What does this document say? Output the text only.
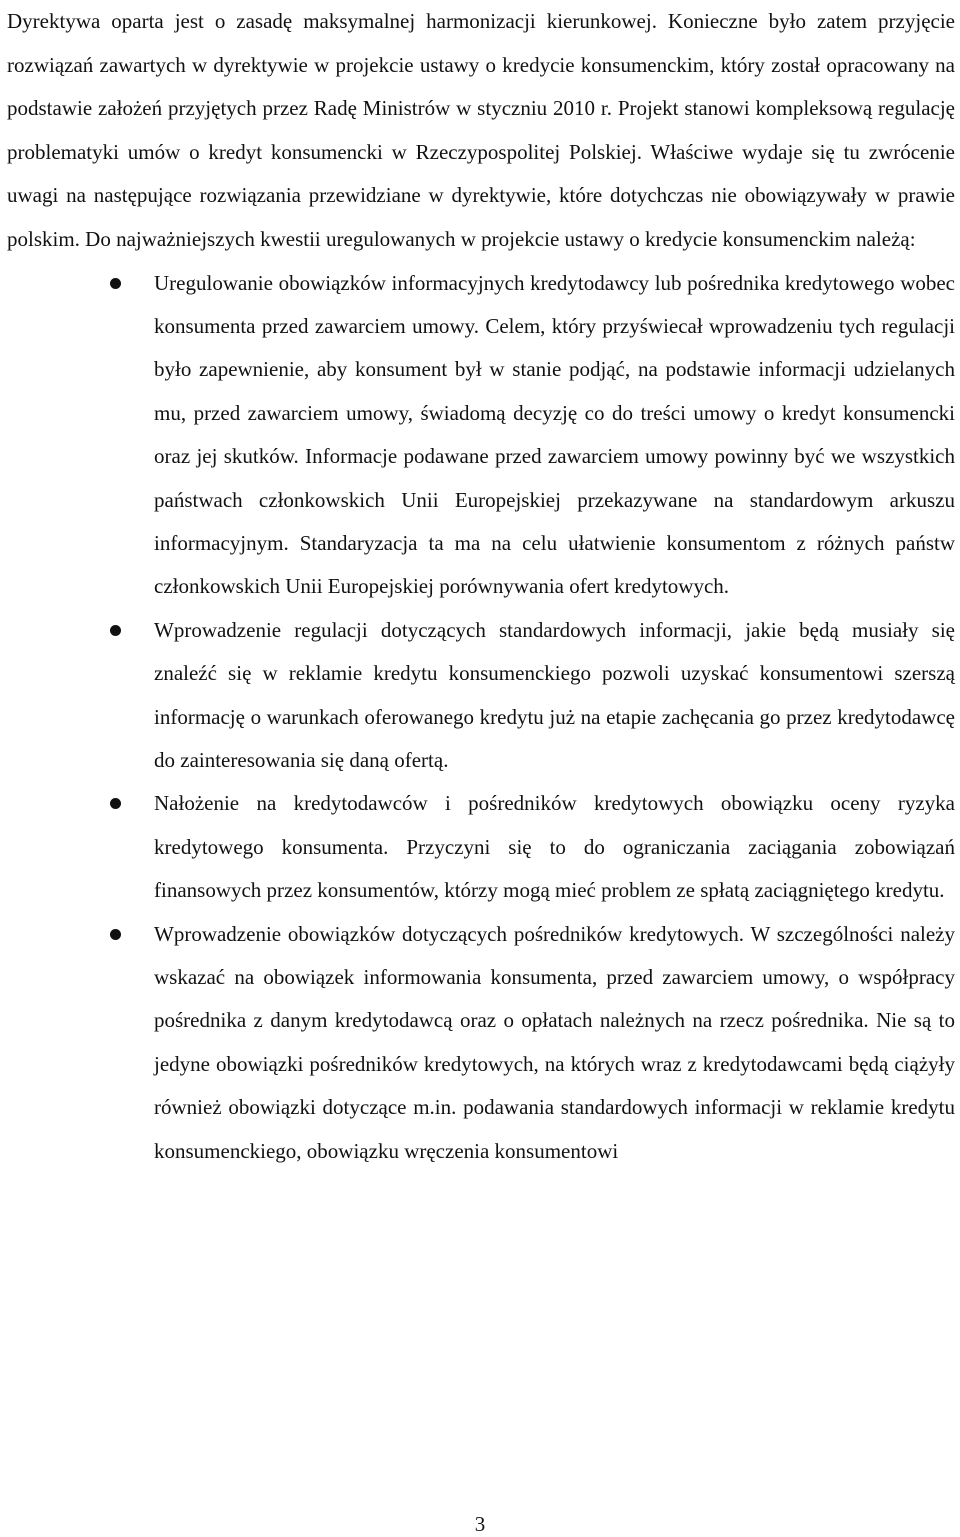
Dyrektywa oparta jest o zasadę maksymalnej harmonizacji kierunkowej. Konieczne było zatem przyjęcie rozwiązań zawartych w dyrektywie w projekcie ustawy o kredycie konsumenckim, który został opracowany na podstawie założeń przyjętych przez Radę Ministrów w styczniu 2010 r. Projekt stanowi kompleksową regulację problematyki umów o kredyt konsumencki w Rzeczypospolitej Polskiej. Właściwe wydaje się tu zwrócenie uwagi na następujące rozwiązania przewidziane w dyrektywie, które dotychczas nie obowiązywały w prawie polskim. Do najważniejszych kwestii uregulowanych w projekcie ustawy o kredycie konsumenckim należą:

Uregulowanie obowiązków informacyjnych kredytodawcy lub pośrednika kredytowego wobec konsumenta przed zawarciem umowy. Celem, który przyświecał wprowadzeniu tych regulacji było zapewnienie, aby konsument był w stanie podjąć, na podstawie informacji udzielanych mu, przed zawarciem umowy, świadomą decyzję co do treści umowy o kredyt konsumencki oraz jej skutków. Informacje podawane przed zawarciem umowy powinny być we wszystkich państwach członkowskich Unii Europejskiej przekazywane na standardowym arkuszu informacyjnym. Standaryzacja ta ma na celu ułatwienie konsumentom z różnych państw członkowskich Unii Europejskiej porównywania ofert kredytowych.
Wprowadzenie regulacji dotyczących standardowych informacji, jakie będą musiały się znaleźć się w reklamie kredytu konsumenckiego pozwoli uzyskać konsumentowi szerszą informację o warunkach oferowanego kredytu już na etapie zachęcania go przez kredytodawcę do zainteresowania się daną ofertą.
Nałożenie na kredytodawców i pośredników kredytowych obowiązku oceny ryzyka kredytowego konsumenta. Przyczyni się to do ograniczania zaciągania zobowiązań finansowych przez konsumentów, którzy mogą mieć problem ze spłatą zaciągniętego kredytu.
Wprowadzenie obowiązków dotyczących pośredników kredytowych. W szczególności należy wskazać na obowiązek informowania konsumenta, przed zawarciem umowy, o współpracy pośrednika z danym kredytodawcą oraz o opłatach należnych na rzecz pośrednika. Nie są to jedyne obowiązki pośredników kredytowych, na których wraz z kredytodawcami będą ciążyły również obowiązki dotyczące m.in. podawania standardowych informacji w reklamie kredytu konsumenckiego, obowiązku wręczenia konsumentowi
3
